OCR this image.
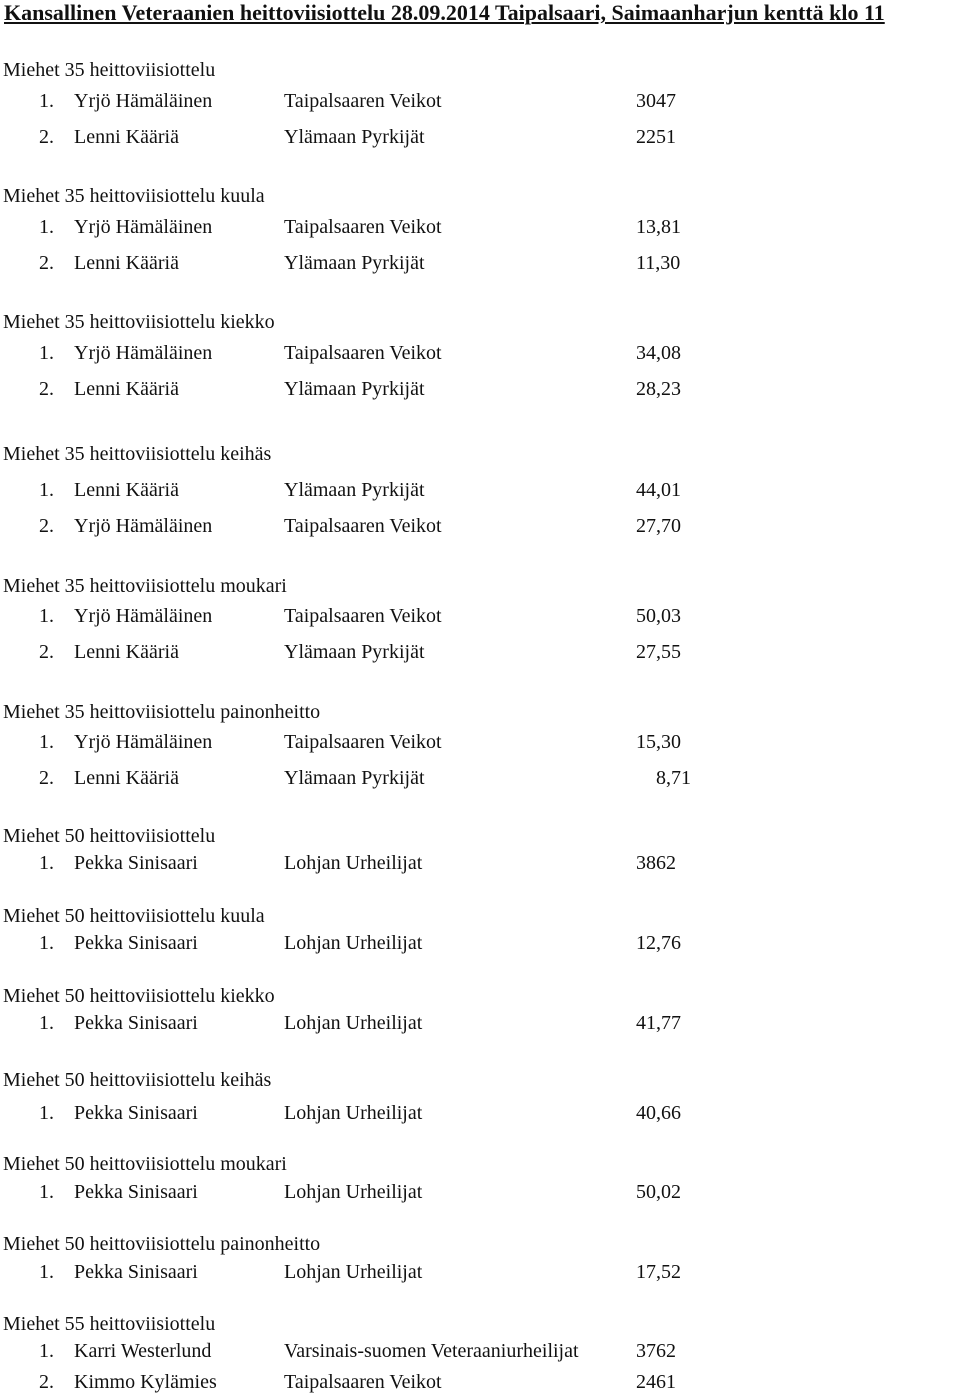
Kansallinen Veteraanien heittoviisiottelu 28.09.2014 Taipalsaari, Saimaanharjun kenttä klo 11
Miehet 35 heittoviisiottelu
1. Yrjö Hämäläinen	Taipalsaaren Veikot	3047
2. Lenni Kääriä	Ylämaan Pyrkijät	2251
Miehet 35 heittoviisiottelu kuula
1. Yrjö Hämäläinen	Taipalsaaren Veikot	13,81
2. Lenni Kääriä	Ylämaan Pyrkijät	11,30
Miehet 35 heittoviisiottelu kiekko
1. Yrjö Hämäläinen	Taipalsaaren Veikot	34,08
2. Lenni Kääriä	Ylämaan Pyrkijät	28,23
Miehet 35 heittoviisiottelu keihäs
1. Lenni Kääriä	Ylämaan Pyrkijät	44,01
2. Yrjö Hämäläinen	Taipalsaaren Veikot	27,70
Miehet 35 heittoviisiottelu moukari
1. Yrjö Hämäläinen	Taipalsaaren Veikot	50,03
2. Lenni Kääriä	Ylämaan Pyrkijät	27,55
Miehet 35 heittoviisiottelu painonheitto
1. Yrjö Hämäläinen	Taipalsaaren Veikot	15,30
2. Lenni Kääriä	Ylämaan Pyrkijät	8,71
Miehet 50 heittoviisiottelu
1. Pekka Sinisaari	Lohjan Urheilijat	3862
Miehet 50 heittoviisiottelu kuula
1. Pekka Sinisaari	Lohjan Urheilijat	12,76
Miehet 50 heittoviisiottelu kiekko
1. Pekka Sinisaari	Lohjan Urheilijat	41,77
Miehet 50 heittoviisiottelu keihäs
1. Pekka Sinisaari	Lohjan Urheilijat	40,66
Miehet 50 heittoviisiottelu moukari
1. Pekka Sinisaari	Lohjan Urheilijat	50,02
Miehet 50 heittoviisiottelu painonheitto
1. Pekka Sinisaari	Lohjan Urheilijat	17,52
Miehet 55 heittoviisiottelu
1. Karri Westerlund	Varsinais-suomen Veteraaniurheilijat	3762
2. Kimmo Kylämies	Taipalsaaren Veikot	2461
